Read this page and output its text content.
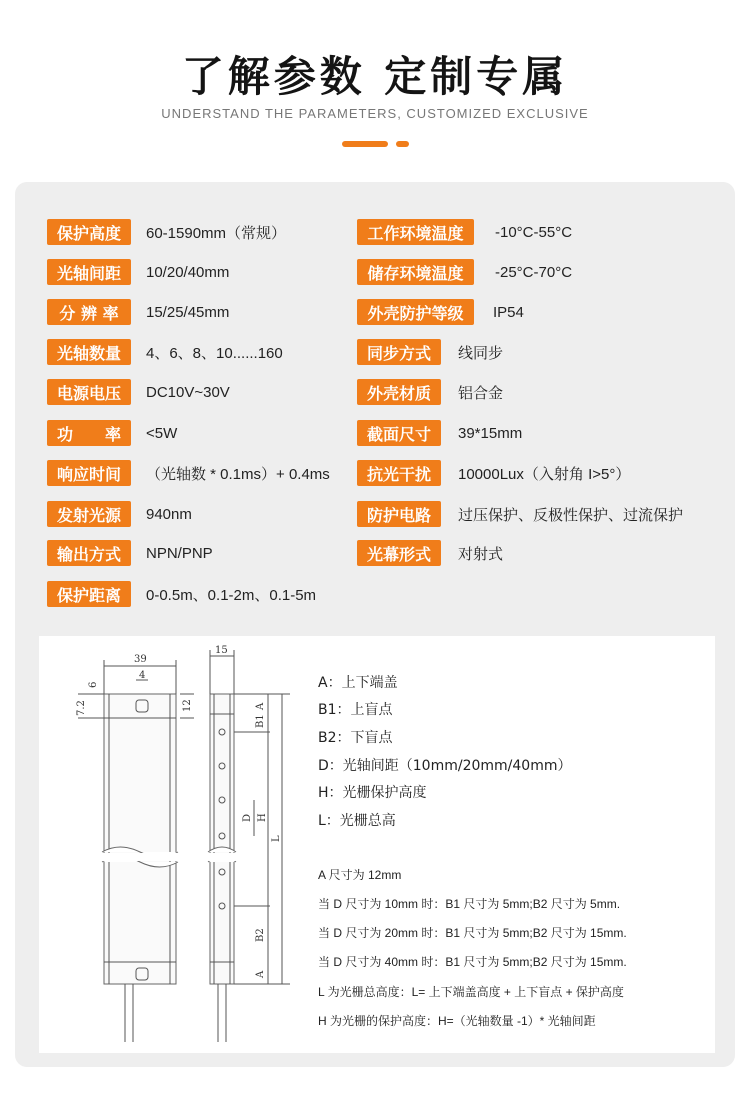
了解参数 定制专属
UNDERSTAND THE PARAMETERS, CUSTOMIZED EXCLUSIVE
保护高度	60-1590mm（常规）
光轴间距	10/20/40mm
分 辨 率	15/25/45mm
光轴数量	4、6、8、10......160
电源电压	DC10V~30V
功　　率	<5W
响应时间	（光轴数 * 0.1ms）+ 0.4ms
发射光源	940nm
输出方式	NPN/PNP
保护距离	0-0.5m、0.1-2m、0.1-5m
工作环境温度	-10°C-55°C
储存环境温度	-25°C-70°C
外壳防护等级	IP54
同步方式	线同步
外壳材质	铝合金
截面尺寸	39*15mm
抗光干扰	10000Lux（入射角 I>5°）
防护电路	过压保护、反极性保护、过流保护
光幕形式	对射式
39
4
15
7.2
6
12
B1
A
D H
L
B2
A
A：上下端盖
B1：上盲点
B2：下盲点
D：光轴间距（10mm/20mm/40mm）
H：光栅保护高度
L：光栅总高
A 尺寸为 12mm
当 D 尺寸为 10mm 时：B1 尺寸为 5mm;B2 尺寸为 5mm.
当 D 尺寸为 20mm 时：B1 尺寸为 5mm;B2 尺寸为 15mm.
当 D 尺寸为 40mm 时：B1 尺寸为 5mm;B2 尺寸为 15mm.
L 为光栅总高度：L= 上下端盖高度 + 上下盲点 + 保护高度
H 为光栅的保护高度：H=（光轴数量 -1）* 光轴间距
